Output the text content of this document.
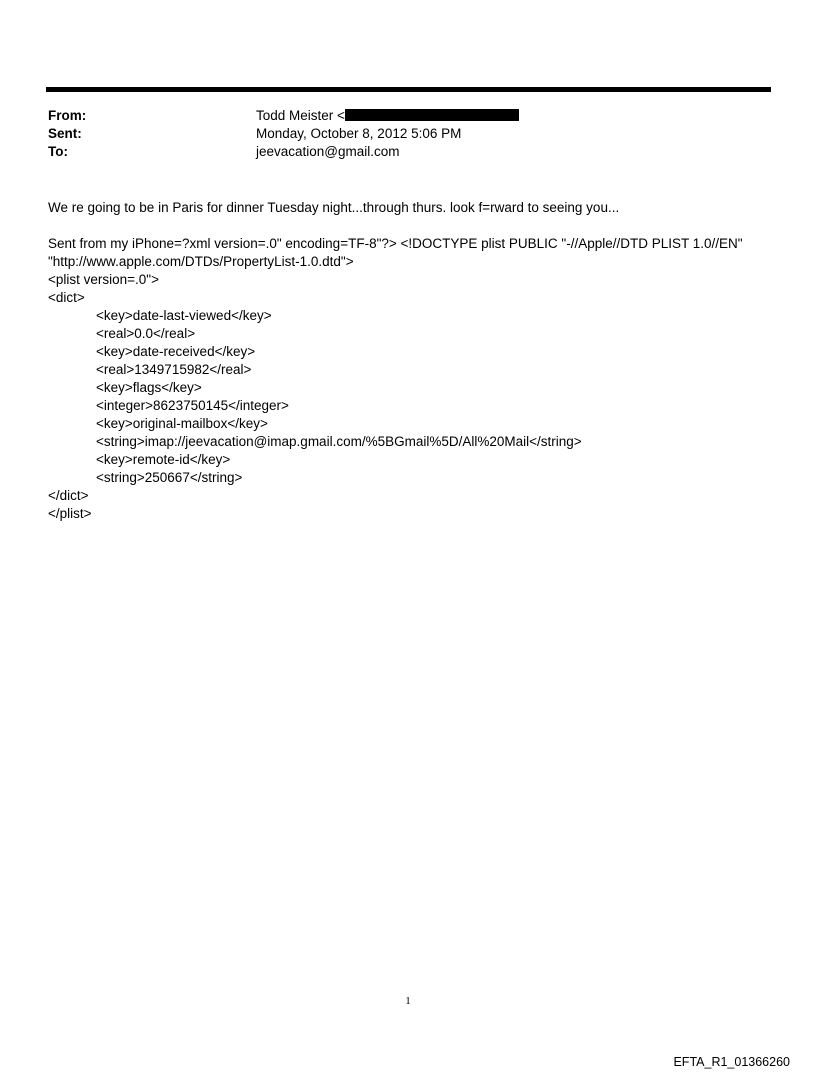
From:	Todd Meister <
Sent:	Monday, October 8, 2012 5:06 PM
To:	jeevacation@gmail.com
We re going to be in Paris for dinner Tuesday night...through thurs. look f=rward to seeing you...
Sent from my iPhone=?xml version=.0" encoding=TF-8"?> <!DOCTYPE plist PUBLIC "-//Apple//DTD PLIST 1.0//EN"
"http://www.apple.com/DTDs/PropertyList-1.0.dtd">
<plist version=.0">
<dict>
<key>date-last-viewed</key>
<real>0.0</real>
<key>date-received</key>
<real>1349715982</real>
<key>flags</key>
<integer>8623750145</integer>
<key>original-mailbox</key>
<string>imap://jeevacation@imap.gmail.com/%5BGmail%5D/All%20Mail</string>
<key>remote-id</key>
<string>250667</string>
</dict>
</plist>
1
EFTA_R1_01366260
